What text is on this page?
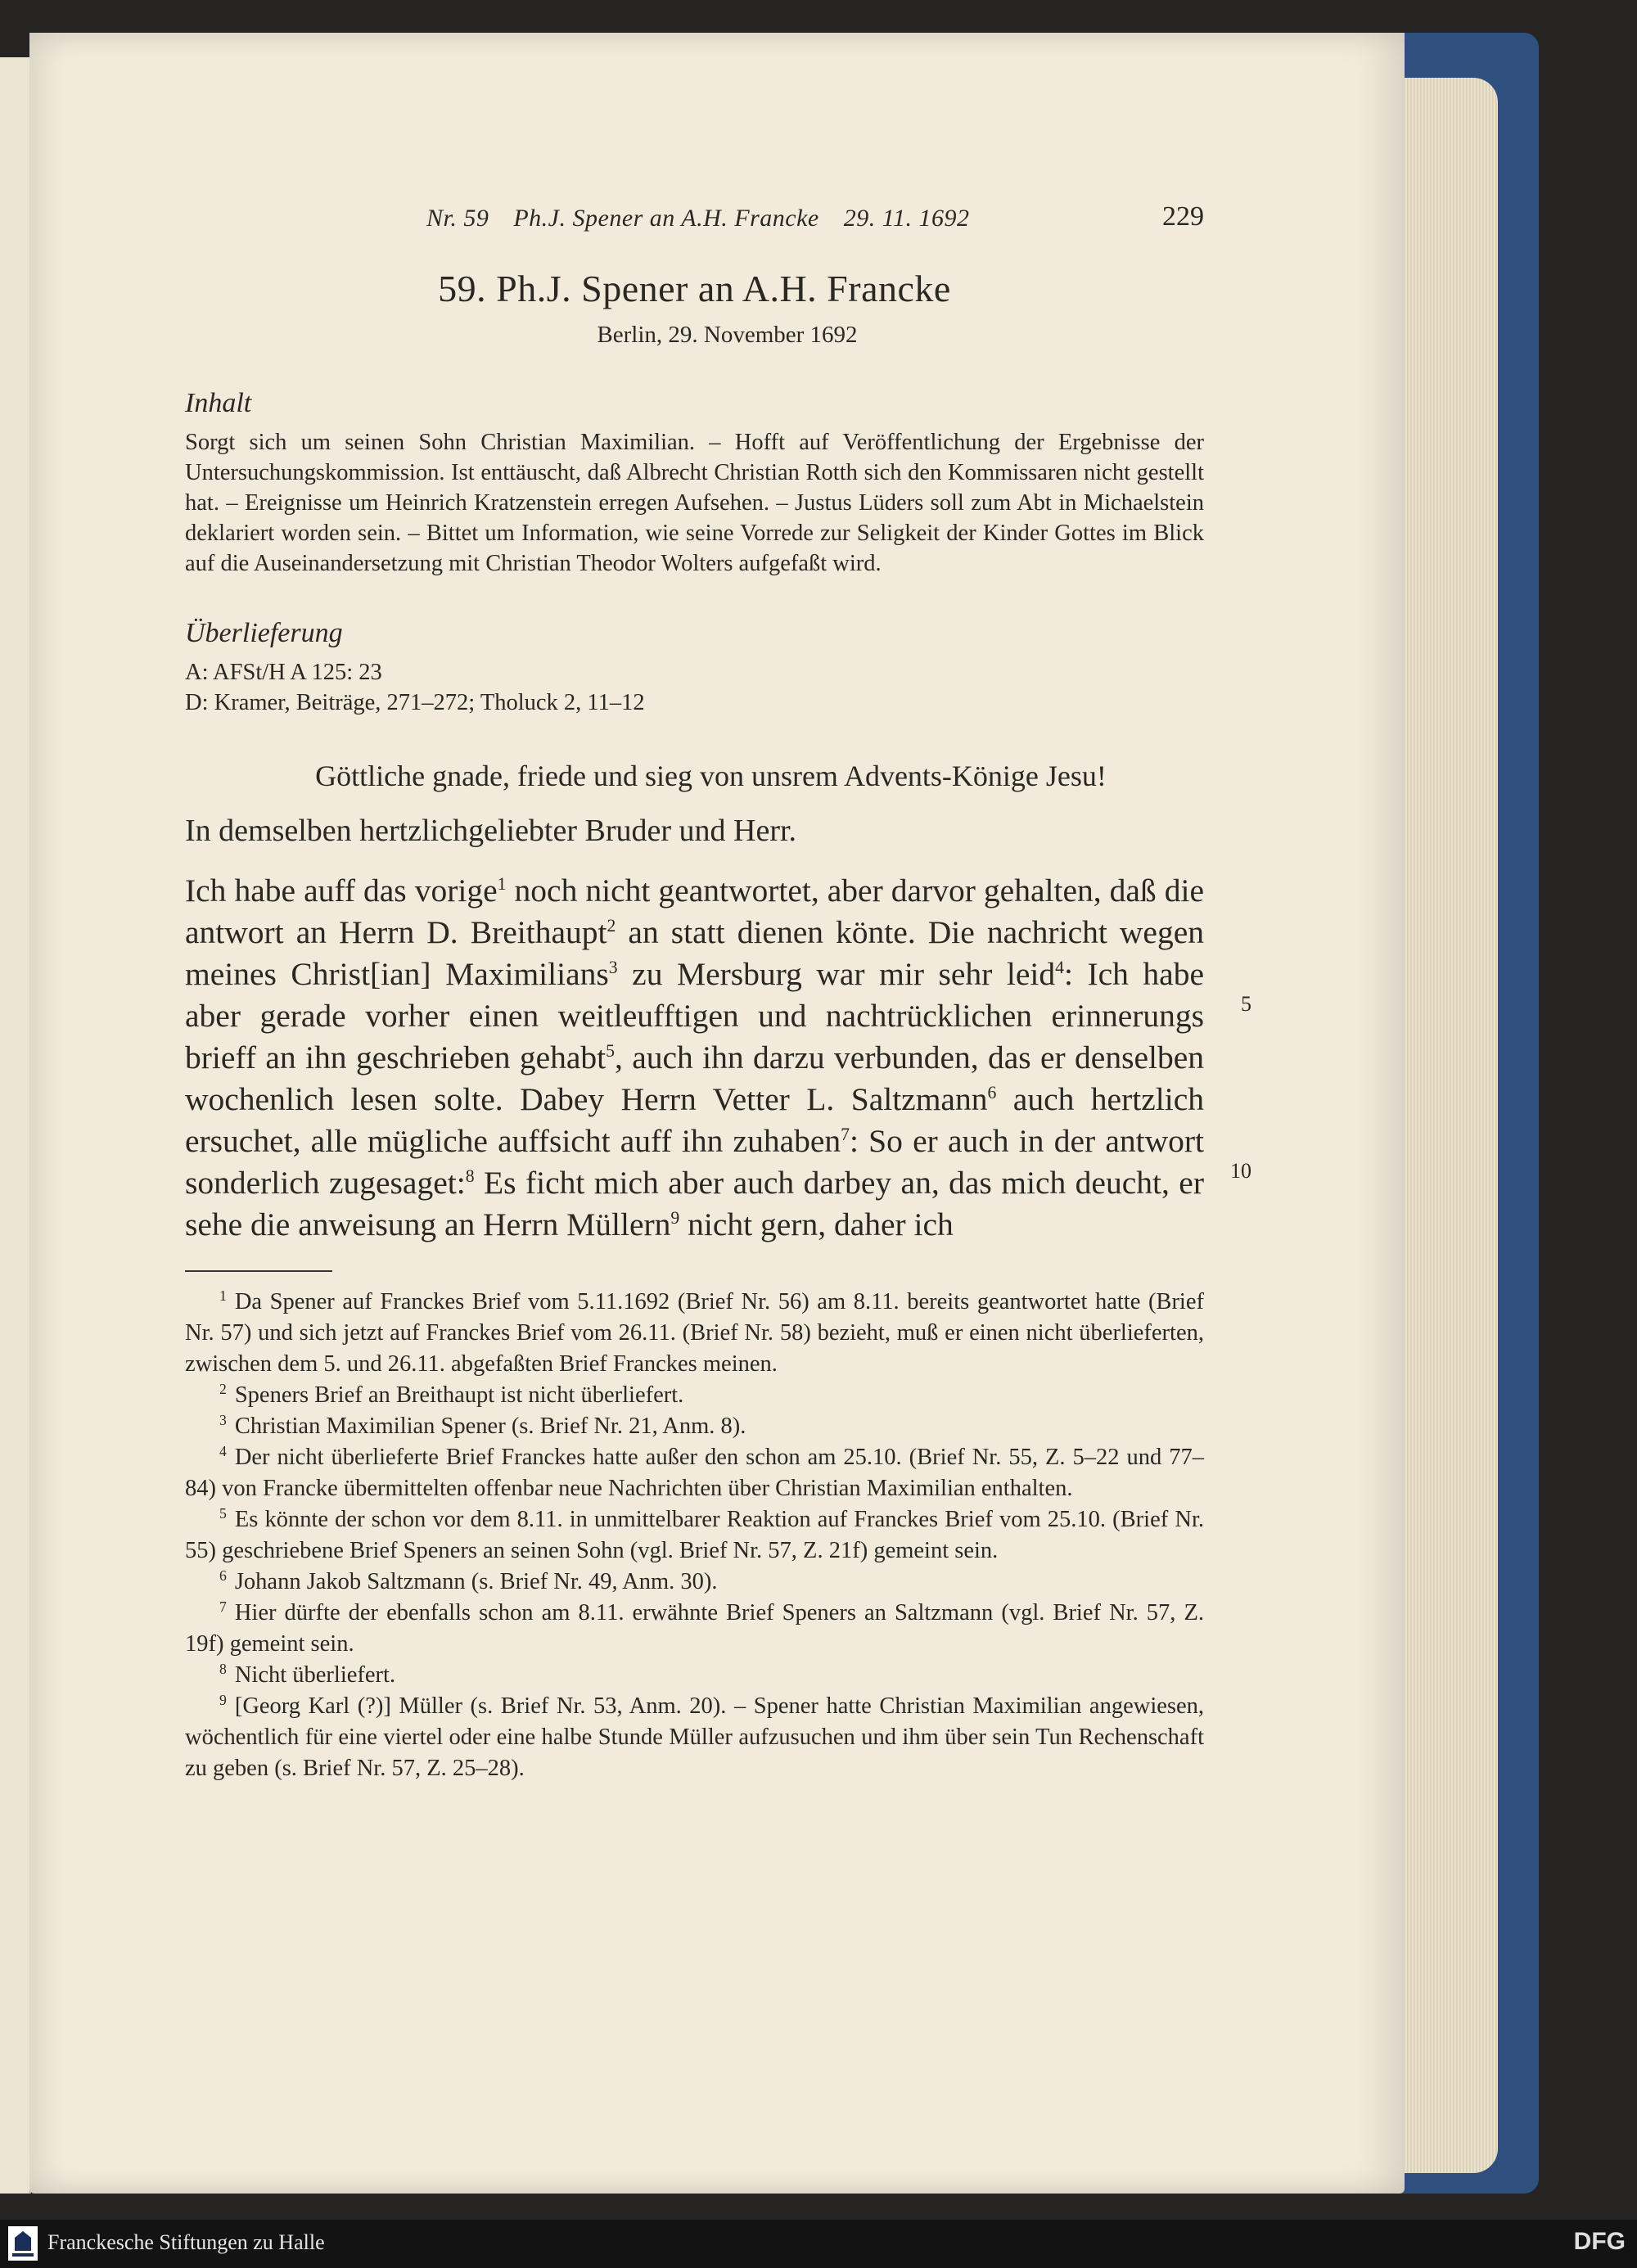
Nr. 59 Ph.J. Spener an A.H. Francke 29. 11. 1692	229
59. Ph.J. Spener an A.H. Francke
Berlin, 29. November 1692
Inhalt
Sorgt sich um seinen Sohn Christian Maximilian. – Hofft auf Veröffentlichung der Ergebnisse der Untersuchungskommission. Ist enttäuscht, daß Albrecht Christian Rotth sich den Kommissaren nicht gestellt hat. – Ereignisse um Heinrich Kratzenstein erregen Aufsehen. – Justus Lüders soll zum Abt in Michaelstein deklariert worden sein. – Bittet um Information, wie seine Vorrede zur Seligkeit der Kinder Gottes im Blick auf die Auseinandersetzung mit Christian Theodor Wolters aufgefaßt wird.
Überlieferung
A: AFSt/H A 125: 23
D: Kramer, Beiträge, 271–272; Tholuck 2, 11–12
Göttliche gnade, friede und sieg von unsrem Advents-Könige Jesu!
In demselben hertzlichgeliebter Bruder und Herr.

Ich habe auff das vorige$^1$ noch nicht geantwortet, aber darvor gehalten, daß die antwort an Herrn D. Breithaupt$^2$ an statt dienen könte. Die nachricht wegen meines Christ[ian] Maximilians$^3$ zu Mersburg war mir sehr leid$^4$: Ich habe aber gerade vorher einen weitleufftigen und nachtrücklichen erinnerungs brieff an ihn geschrieben gehabt$^5$, auch ihn darzu verbunden, das er denselben wochenlich lesen solte. Dabey Herrn Vetter L. Saltzmann$^6$ auch hertzlich ersuchet, alle mügliche auffsicht auff ihn zuhaben$^7$: So er auch in der antwort sonderlich zugesaget:$^8$ Es ficht mich aber auch darbey an, das mich deucht, er sehe die anweisung an Herrn Müllern$^9$ nicht gern, daher ich

5
10

$^1$ Da Spener auf Franckes Brief vom 5.11.1692 (Brief Nr. 56) am 8.11. bereits geantwortet hatte (Brief Nr. 57) und sich jetzt auf Franckes Brief vom 26.11. (Brief Nr. 58) bezieht, muß er einen nicht überlieferten, zwischen dem 5. und 26.11. abgefaßten Brief Franckes meinen.

$^2$ Speners Brief an Breithaupt ist nicht überliefert.

$^3$ Christian Maximilian Spener (s. Brief Nr. 21, Anm. 8).

$^4$ Der nicht überlieferte Brief Franckes hatte außer den schon am 25.10. (Brief Nr. 55, Z. 5–22 und 77–84) von Francke übermittelten offenbar neue Nachrichten über Christian Maximilian enthalten.

$^5$ Es könnte der schon vor dem 8.11. in unmittelbarer Reaktion auf Franckes Brief vom 25.10. (Brief Nr. 55) geschriebene Brief Speners an seinen Sohn (vgl. Brief Nr. 57, Z. 21f) gemeint sein.

$^6$ Johann Jakob Saltzmann (s. Brief Nr. 49, Anm. 30).

$^7$ Hier dürfte der ebenfalls schon am 8.11. erwähnte Brief Speners an Saltzmann (vgl. Brief Nr. 57, Z. 19f) gemeint sein.

$^8$ Nicht überliefert.

$^9$ [Georg Karl (?)] Müller (s. Brief Nr. 53, Anm. 20). – Spener hatte Christian Maximilian angewiesen, wöchentlich für eine viertel oder eine halbe Stunde Müller aufzusuchen und ihm über sein Tun Rechenschaft zu geben (s. Brief Nr. 57, Z. 25–28).

Franckesche Stiftungen zu Halle	DFG
